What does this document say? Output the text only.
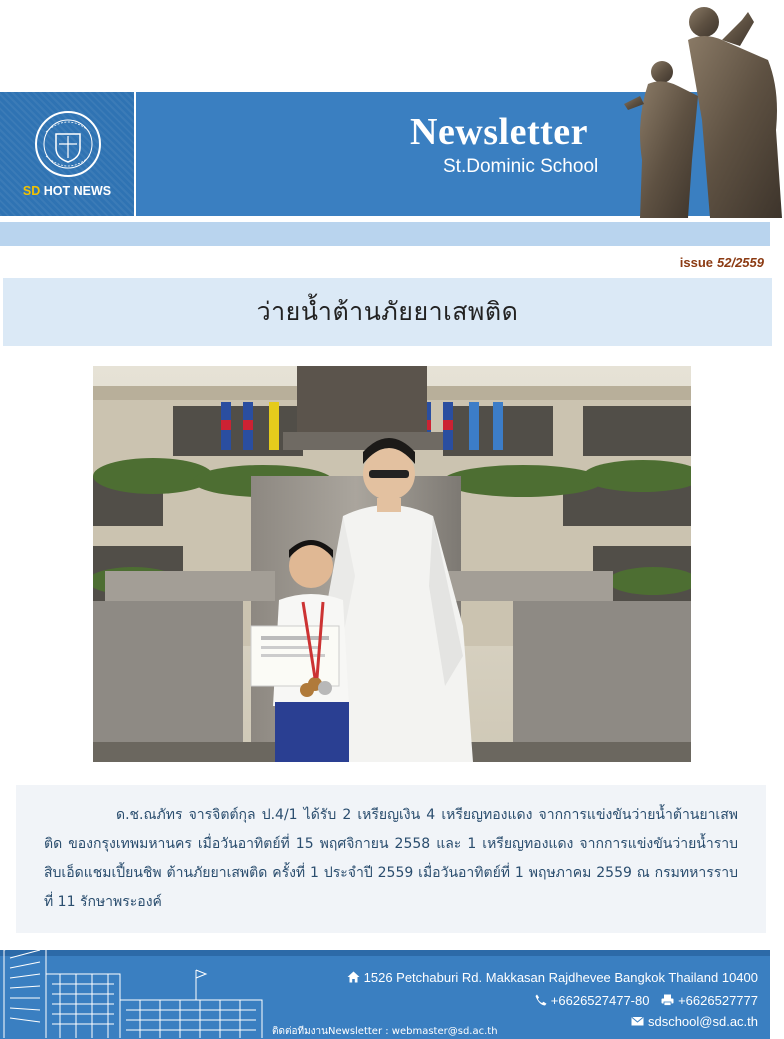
SD HOT NEWS
Newsletter
St.Dominic School
issue 52/2559
ว่ายน้ำต้านภัยยาเสพติด

ด.ช.ณภัทร จารจิตต์กุล ป.4/1 ได้รับ 2 เหรียญเงิน 4 เหรียญทองแดง จากการแข่งขันว่ายน้ำต้านยาเสพติด ของกรุงเทพมหานคร เมื่อวันอาทิตย์ที่ 15 พฤศจิกายน 2558 และ 1 เหรียญทองแดง จากการแข่งขันว่ายน้ำราบสิบเอ็ดแชมเปี้ยนชิพ ต้านภัยยาเสพติด ครั้งที่ 1 ประจำปี 2559 เมื่อวันอาทิตย์ที่ 1 พฤษภาคม 2559 ณ กรมทหารราบที่ 11 รักษาพระองค์

1526 Petchaburi Rd. Makkasan Rajdhevee Bangkok Thailand 10400
+6626527477-80 +6626527777
sdschool@sd.ac.th
ติดต่อทีมงานNewsletter : webmaster@sd.ac.th
